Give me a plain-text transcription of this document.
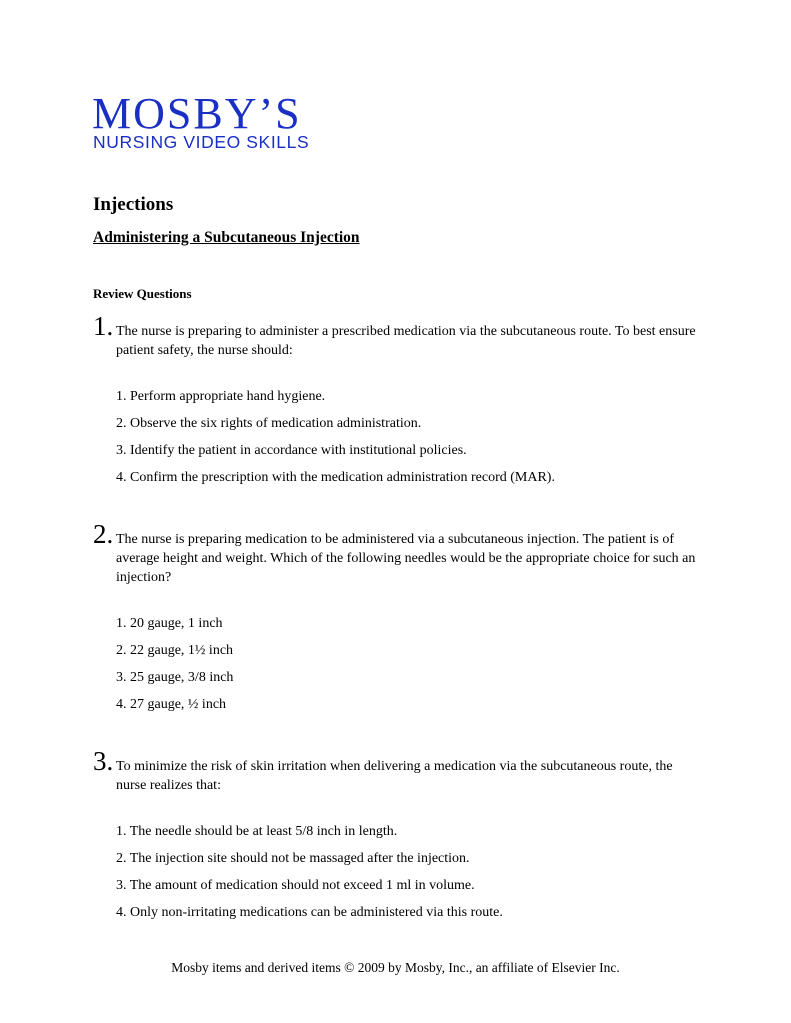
MOSBY’S
NURSING VIDEO SKILLS
Injections
Administering a Subcutaneous Injection
Review Questions
1. The nurse is preparing to administer a prescribed medication via the subcutaneous route. To best ensure patient safety, the nurse should:
1. Perform appropriate hand hygiene.
2. Observe the six rights of medication administration.
3. Identify the patient in accordance with institutional policies.
4. Confirm the prescription with the medication administration record (MAR).
2. The nurse is preparing medication to be administered via a subcutaneous injection. The patient is of average height and weight. Which of the following needles would be the appropriate choice for such an injection?
1. 20 gauge, 1 inch
2. 22 gauge, 1½ inch
3. 25 gauge, 3/8 inch
4. 27 gauge, ½ inch
3. To minimize the risk of skin irritation when delivering a medication via the subcutaneous route, the nurse realizes that:
1. The needle should be at least 5/8 inch in length.
2. The injection site should not be massaged after the injection.
3. The amount of medication should not exceed 1 ml in volume.
4. Only non-irritating medications can be administered via this route.
Mosby items and derived items © 2009 by Mosby, Inc., an affiliate of Elsevier Inc.
